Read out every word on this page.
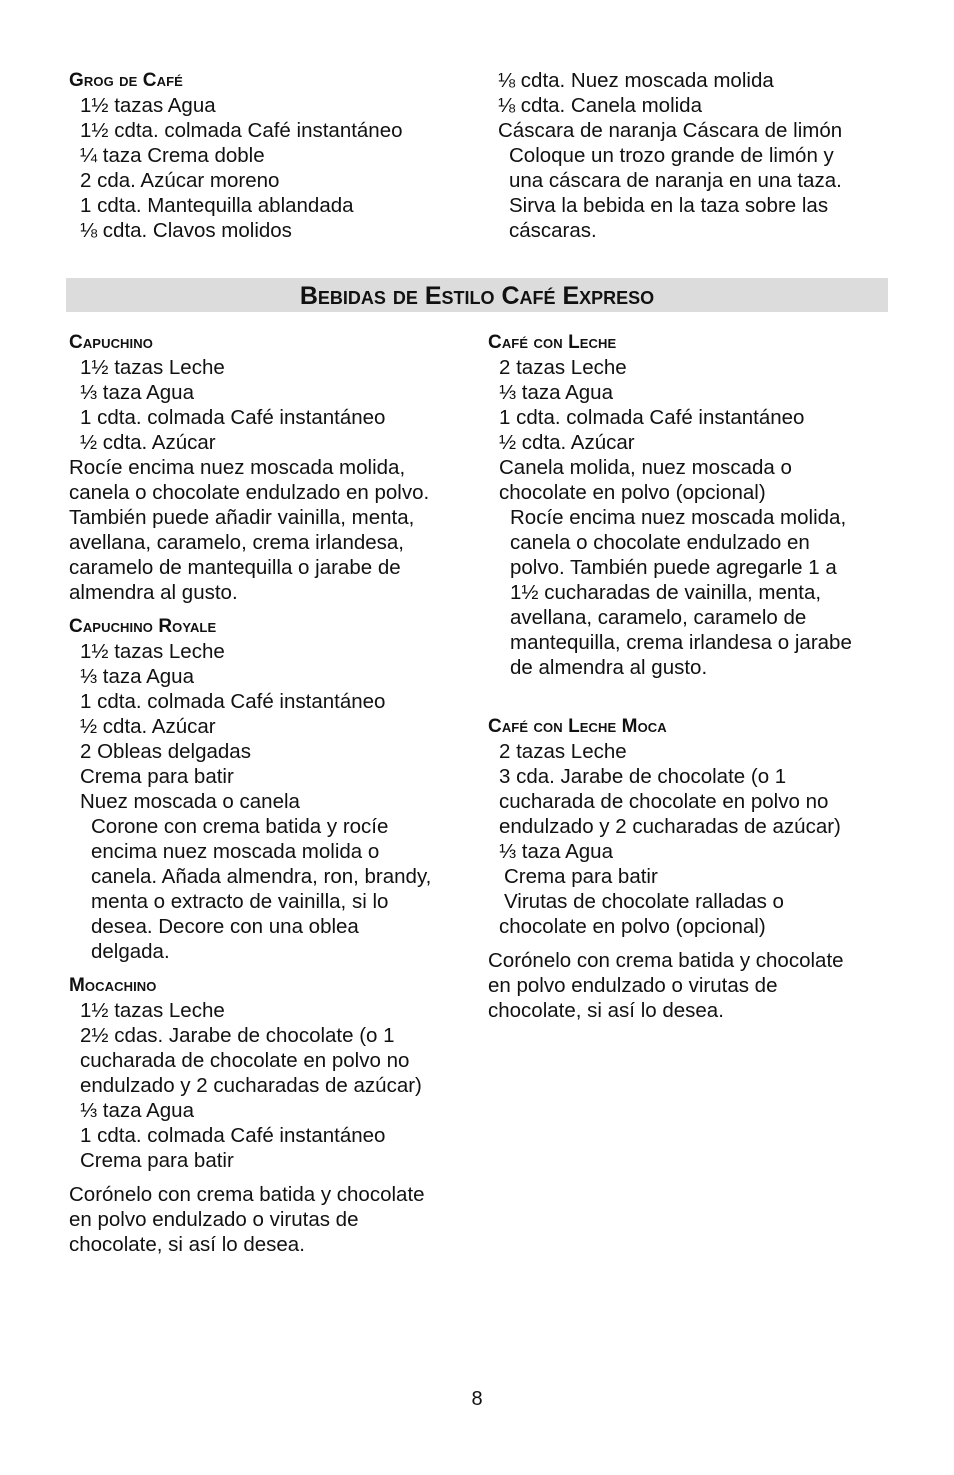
Grog de Café
1½ tazas Agua
1½ cdta. colmada Café instantáneo
¼ taza Crema doble
2 cda. Azúcar moreno
1 cdta. Mantequilla ablandada
⅛ cdta. Clavos molidos
⅛ cdta. Nuez moscada molida
⅛ cdta. Canela molida
Cáscara de naranja Cáscara de limón
Coloque un trozo grande de limón y
una cáscara de naranja en una taza.
Sirva la bebida en la taza sobre las
cáscaras.
Bebidas de Estilo Café Expreso
Capuchino
1½ tazas Leche
⅓ taza Agua
1 cdta. colmada Café instantáneo
½ cdta. Azúcar
Rocíe encima nuez moscada molida,
canela o chocolate endulzado en polvo.
También puede añadir vainilla, menta,
avellana, caramelo, crema irlandesa,
caramelo de mantequilla o jarabe de
almendra al gusto.
Capuchino Royale
1½ tazas Leche
⅓ taza Agua
1 cdta. colmada Café instantáneo
½ cdta. Azúcar
2 Obleas delgadas
Crema para batir
Nuez moscada o canela
Corone con crema batida y rocíe
encima nuez moscada molida o
canela. Añada almendra, ron, brandy,
menta o extracto de vainilla, si lo
desea. Decore con una oblea
delgada.
Mocachino
1½ tazas Leche
2½ cdas. Jarabe de chocolate (o 1
cucharada de chocolate en polvo no
endulzado y 2 cucharadas de azúcar)
⅓ taza Agua
1 cdta. colmada Café instantáneo
Crema para batir
Corónelo con crema batida y chocolate
en polvo endulzado o virutas de
chocolate, si así lo desea.
Café con Leche
2 tazas Leche
⅓ taza Agua
1 cdta. colmada Café instantáneo
½ cdta. Azúcar
Canela molida, nuez moscada o
chocolate en polvo (opcional)
Rocíe encima nuez moscada molida,
canela o chocolate endulzado en
polvo. También puede agregarle 1 a
1½ cucharadas de vainilla, menta,
avellana, caramelo, caramelo de
mantequilla, crema irlandesa o jarabe
de almendra al gusto.
Café con Leche Moca
2 tazas Leche
3 cda. Jarabe de chocolate (o 1
cucharada de chocolate en polvo no
endulzado y 2 cucharadas de azúcar)
⅓ taza Agua
Crema para batir
Virutas de chocolate ralladas o
chocolate en polvo (opcional)
Corónelo con crema batida y chocolate
en polvo endulzado o virutas de
chocolate, si así lo desea.
8
